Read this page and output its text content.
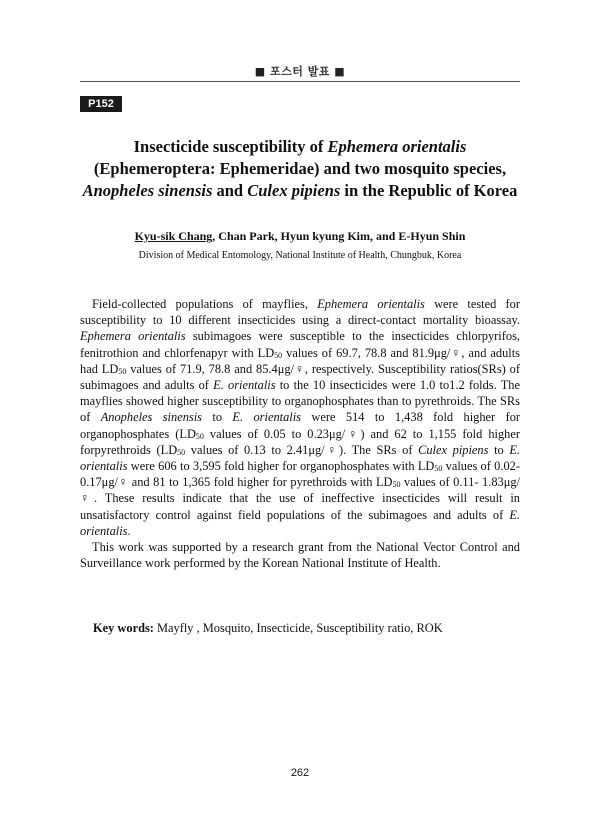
■ 포스터 발표 ■
P152
Insecticide susceptibility of Ephemera orientalis
(Ephemeroptera: Ephemeridae) and two mosquito species,
Anopheles sinensis and Culex pipiens in the Republic of Korea
Kyu-sik Chang, Chan Park, Hyun kyung Kim, and E-Hyun Shin
Division of Medical Entomology, National Institute of Health, Chungbuk, Korea

Field-collected populations of mayflies, Ephemera orientalis were tested for susceptibility to 10 different insecticides using a direct-contact mortality bioassay. Ephemera orientalis subimagoes were susceptible to the insecticides chlorpyrifos, fenitrothion and chlorfenapyr with $LD_{50}$ values of 69.7, 78.8 and 81.9μg/♀, and adults had $LD_{50}$ values of 71.9, 78.8 and 85.4μg/♀, respectively. Susceptibility ratios(SRs) of subimagoes and adults of E. orientalis to the 10 insecticides were 1.0 to1.2 folds. The mayflies showed higher susceptibility to organophosphates than to pyrethroids. The SRs of Anopheles sinensis to E. orientalis were 514 to 1,438 fold higher for organophosphates ($LD_{50}$ values of 0.05 to 0.23μg/♀) and 62 to 1,155 fold higher forpyrethroids ($LD_{50}$ values of 0.13 to 2.41μg/♀). The SRs of Culex pipiens to E. orientalis were 606 to 3,595 fold higher for organophosphates with $LD_{50}$ values of 0.02-0.17μg/♀ and 81 to 1,365 fold higher for pyrethroids with $LD_{50}$ values of 0.11- 1.83μg/♀. These results indicate that the use of ineffective insecticides will result in unsatisfactory control against field populations of the subimagoes and adults of E. orientalis.

This work was supported by a research grant from the National Vector Control and Surveillance work performed by the Korean National Institute of Health.

Key words: Mayfly , Mosquito, Insecticide, Susceptibility ratio, ROK
262
